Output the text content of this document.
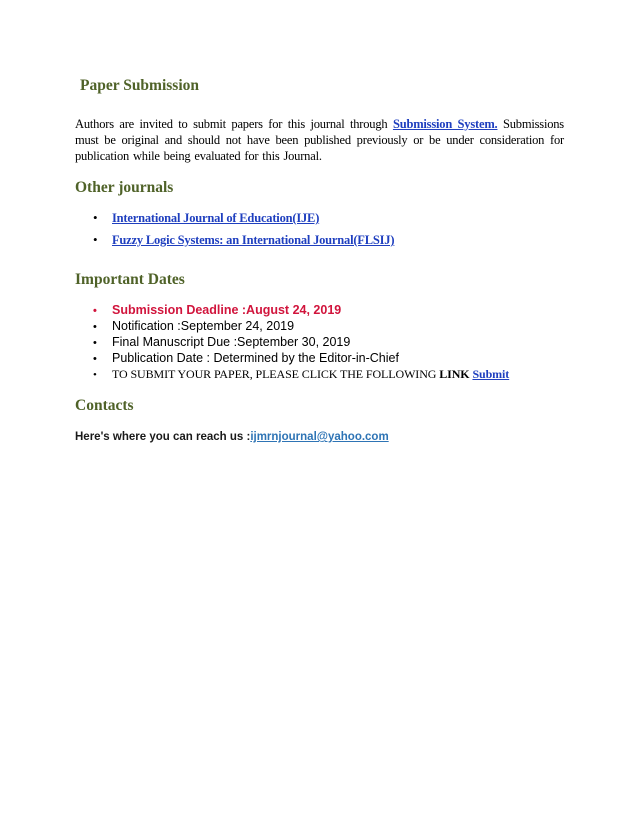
Paper Submission

Authors are invited to submit papers for this journal through Submission System. Submissions must be original and should not have been published previously or be under consideration for publication while being evaluated for this Journal.

Other journals
• International Journal of Education(IJE)
• Fuzzy Logic Systems: an International Journal(FLSIJ)
Important Dates
• Submission Deadline :August 24, 2019
• Notification :September 24, 2019
• Final Manuscript Due :September 30, 2019
• Publication Date : Determined by the Editor-in-Chief
• TO SUBMIT YOUR PAPER, PLEASE CLICK THE FOLLOWING LINK Submit
Contacts
Here's where you can reach us :ijmrnjournal@yahoo.com
